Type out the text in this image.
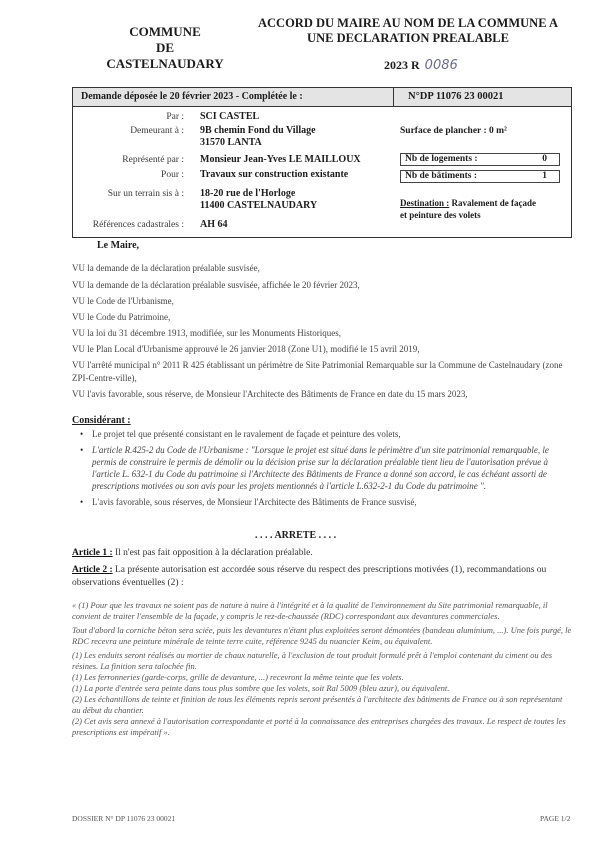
COMMUNE
DE
CASTELNAUDARY
ACCORD DU MAIRE AU NOM DE LA COMMUNE A
UNE DECLARATION PREALABLE
2023 R 0086
Demande déposée le 20 février 2023 - Complétée le :	N°DP 11076 23 00021
Par : SCI CASTEL
Demeurant à : 9B chemin Fond du Village
31570 LANTA
Représenté par : Monsieur Jean-Yves LE MAILLOUX
Pour : Travaux sur construction existante
Sur un terrain sis à : 18-20 rue de l'Horloge
11400 CASTELNAUDARY
Références cadastrales : AH 64
Surface de plancher : 0 m²
Nb de logements :	0
Nb de bâtiments :	1
Destination : Ravalement de façade
et peinture des volets
Le Maire,
VU la demande de la déclaration préalable susvisée,
VU la demande de la déclaration préalable susvisée, affichée le 20 février 2023,
VU le Code de l'Urbanisme,
VU le Code du Patrimoine,
VU la loi du 31 décembre 1913, modifiée, sur les Monuments Historiques,
VU le Plan Local d'Urbanisme approuvé le 26 janvier 2018 (Zone U1), modifié le 15 avril 2019,
VU l'arrêté municipal n° 2011 R 425 établissant un périmètre de Site Patrimonial Remarquable sur la Commune de Castelnaudary (zone ZPI-Centre-ville),
VU l'avis favorable, sous réserve, de Monsieur l'Architecte des Bâtiments de France en date du 15 mars 2023,
Considérant :
• Le projet tel que présenté consistant en le ravalement de façade et peinture des volets,
• L'article R.425-2 du Code de l'Urbanisme : "Lorsque le projet est situé dans le périmètre d'un site patrimonial remarquable, le permis de construire le permis de démolir ou la décision prise sur la déclaration préalable tient lieu de l'autorisation prévue à l'article L. 632-1 du Code du patrimoine si l'Architecte des Bâtiments de France a donné son accord, le cas échéant assorti de prescriptions motivées ou son avis pour les projets mentionnés à l'article L.632-2-1 du Code du patrimoine ".
• L'avis favorable, sous réserves, de Monsieur l'Architecte des Bâtiments de France susvisé,
. . . . ARRETE . . . .
Article 1 : Il n'est pas fait opposition à la déclaration préalable.
Article 2 : La présente autorisation est accordée sous réserve du respect des prescriptions motivées (1), recommandations ou observations éventuelles (2) :
« (1) Pour que les travaux ne soient pas de nature à nuire à l'intégrité et à la qualité de l'environnement du Site patrimonial remarquable, il convient de traiter l'ensemble de la façade, y compris le rez-de-chaussée (RDC) correspondant aux devantures commerciales.
Tout d'abord la corniche béton sera sciée, puis les devantures n'étant plus exploitées seront démontées (bandeau aluminium, ...). Une fois purgé, le RDC recevra une peinture minérale de teinte terre cuite, référence 9245 du nuancier Keim, ou équivalent.
(1) Les enduits seront réalisés au mortier de chaux naturelle, à l'exclusion de tout produit formulé prêt à l'emploi contenant du ciment ou des résines. La finition sera talochée fin.
(1) Les ferronneries (garde-corps, grille de devanture, ...) recevront la même teinte que les volets.
(1) La porte d'entrée sera peinte dans tous plus sombre que les volets, soit Ral 5009 (bleu azur), ou équivalent.
(2) Les échantillons de teinte et finition de tous les éléments repris seront présentés à l'architecte des bâtiments de France ou à son représentant au début du chantier.
(2) Cet avis sera annexé à l'autorisation correspondante et porté à la connaissance des entreprises chargées des travaux. Le respect de toutes les prescriptions est impératif ».
DOSSIER N° DP 11076 23 00021	PAGE 1/2
